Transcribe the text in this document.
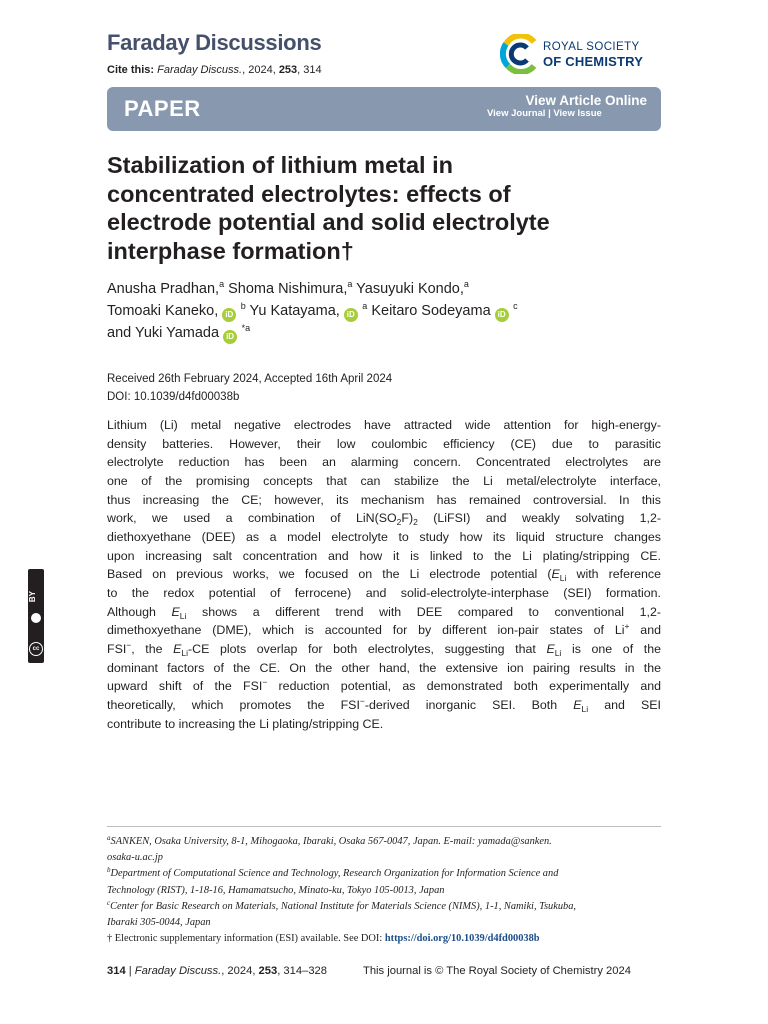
Faraday Discussions
Cite this: Faraday Discuss., 2024, 253, 314
ROYAL SOCIETY
OF CHEMISTRY
PAPER	View Article Online
View Journal | View Issue
Stabilization of lithium metal in
concentrated electrolytes: effects of
electrode potential and solid electrolyte
interphase formation†
Anusha Pradhan,$^a$ Shoma Nishimura,$^a$ Yasuyuki Kondo,$^a$
Tomoaki Kaneko, iD $^b$ Yu Katayama, iD $^a$ Keitaro Sodeyama iD $^c$
and Yuki Yamada iD $^{*a}$
Received 26th February 2024, Accepted 16th April 2024
DOI: 10.1039/d4fd00038b
Lithium (Li) metal negative electrodes have attracted wide attention for high-energy-
density batteries. However, their low coulombic efficiency (CE) due to parasitic
electrolyte reduction has been an alarming concern. Concentrated electrolytes are
one of the promising concepts that can stabilize the Li metal/electrolyte interface,
thus increasing the CE; however, its mechanism has remained controversial. In this
work, we used a combination of $LiN(SO_2F)_2$ (LiFSI) and weakly solvating 1,2-
diethoxyethane (DEE) as a model electrolyte to study how its liquid structure changes
upon increasing salt concentration and how it is linked to the Li plating/stripping CE.
Based on previous works, we focused on the Li electrode potential ($E_{Li}$ with reference
to the redox potential of ferrocene) and solid-electrolyte-interphase (SEI) formation.
Although $E_{Li}$ shows a different trend with DEE compared to conventional 1,2-
dimethoxyethane (DME), which is accounted for by different ion-pair states of Li+ and
FSI−, the $E_{Li}-CE$ plots overlap for both electrolytes, suggesting that $E_{Li}$ is one of the
dominant factors of the CE. On the other hand, the extensive ion pairing results in the
upward shift of the FSI− reduction potential, as demonstrated both experimentally and
theoretically, which promotes the FSI−-derived inorganic SEI. Both $E_{Li}$ and SEI
contribute to increasing the Li plating/stripping CE.
BY
cc
$^a$SANKEN, Osaka University, 8-1, Mihogaoka, Ibaraki, Osaka 567-0047, Japan. E-mail: yamada@sanken.
osaka-u.ac.jp
$^b$Department of Computational Science and Technology, Research Organization for Information Science and
Technology (RIST), 1-18-16, Hamamatsucho, Minato-ku, Tokyo 105-0013, Japan
$^c$Center for Basic Research on Materials, National Institute for Materials Science (NIMS), 1-1, Namiki, Tsukuba,
Ibaraki 305-0044, Japan
† Electronic supplementary information (ESI) available. See DOI: https://doi.org/10.1039/d4fd00038b
314 | Faraday Discuss., 2024, 253, 314–328	This journal is © The Royal Society of Chemistry 2024
